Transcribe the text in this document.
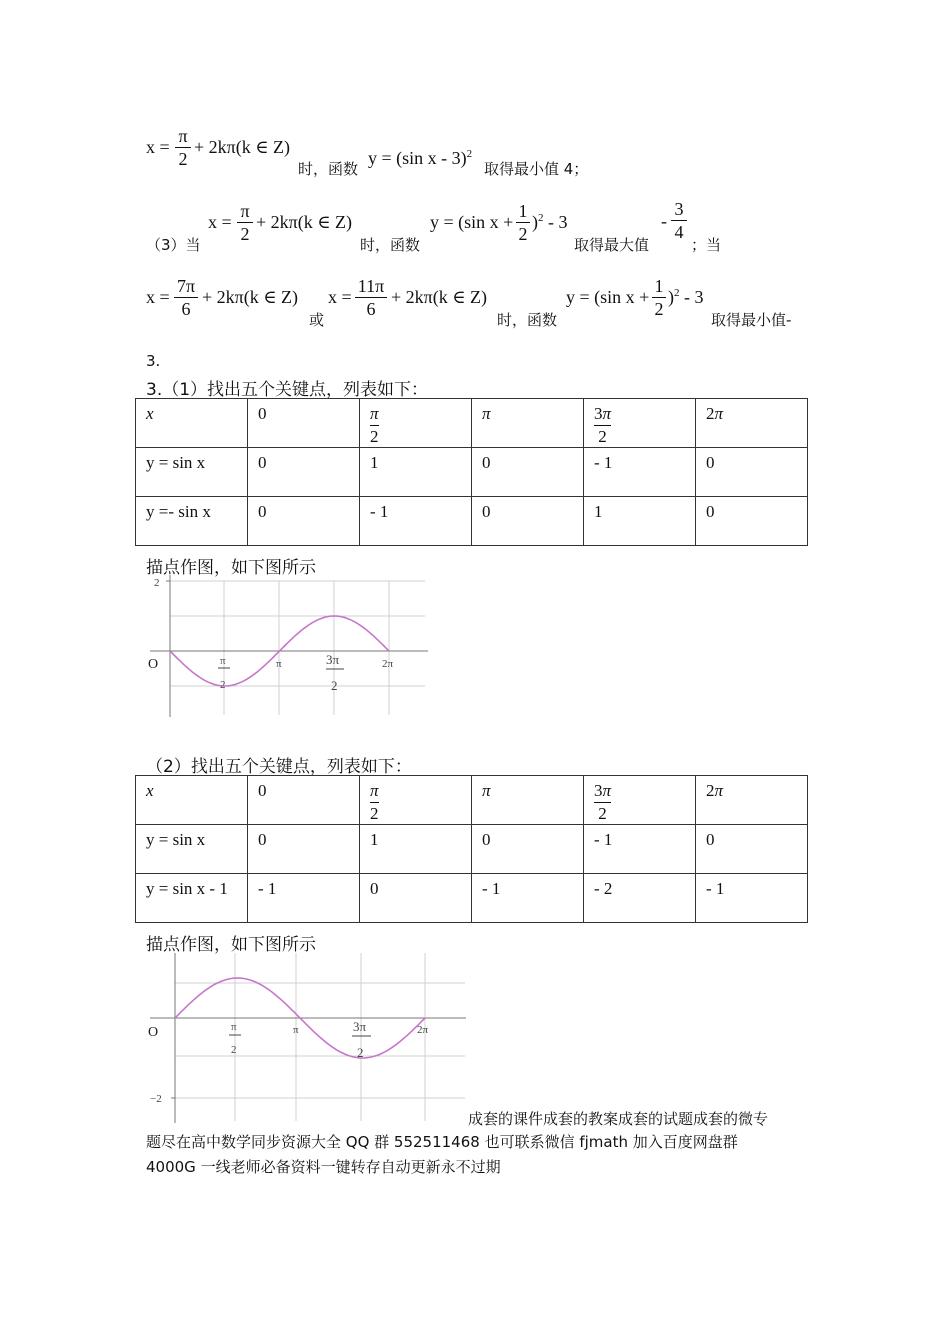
x =
π
2
+ 2kπ(k ∈ Z)
时，函数
y = (sin x - 3)$^2$
取得最小值 4；
（3）当
x =
π
2
+ 2kπ(k ∈ Z)
时，函数
y = (sin x +
1
2
)$^2$ - 3
取得最大值
-
3
4
；当
x =
7π
6
+ 2kπ(k ∈ Z)
或
x =
11π
6
+ 2kπ(k ∈ Z)
时，函数
y = (sin x +
1
2
)$^2$ - 3
取得最小值-
3.
3.（1）找出五个关键点，列表如下：
x	0	$\frac{\pi}{2}$	π	$\frac{3\pi}{2}$	2π
y = sin x	0	1	0	- 1	0
y =- sin x	0	- 1	0	1	0
描点作图，如下图所示
2
O	π
2
π	3π
2
2π
（2）找出五个关键点，列表如下：
x	0	$\frac{\pi}{2}$	π	$\frac{3\pi}{2}$	2π
y = sin x	0	1	0	- 1	0
y = sin x - 1	- 1	0	- 1	- 2	- 1
描点作图，如下图所示
−2
O	π
2
π	3π
2
2π
成套的课件成套的教案成套的试题成套的微专
题尽在高中数学同步资源大全 QQ 群 552511468 也可联系微信 fjmath 加入百度网盘群
4000G 一线老师必备资料一键转存自动更新永不过期
